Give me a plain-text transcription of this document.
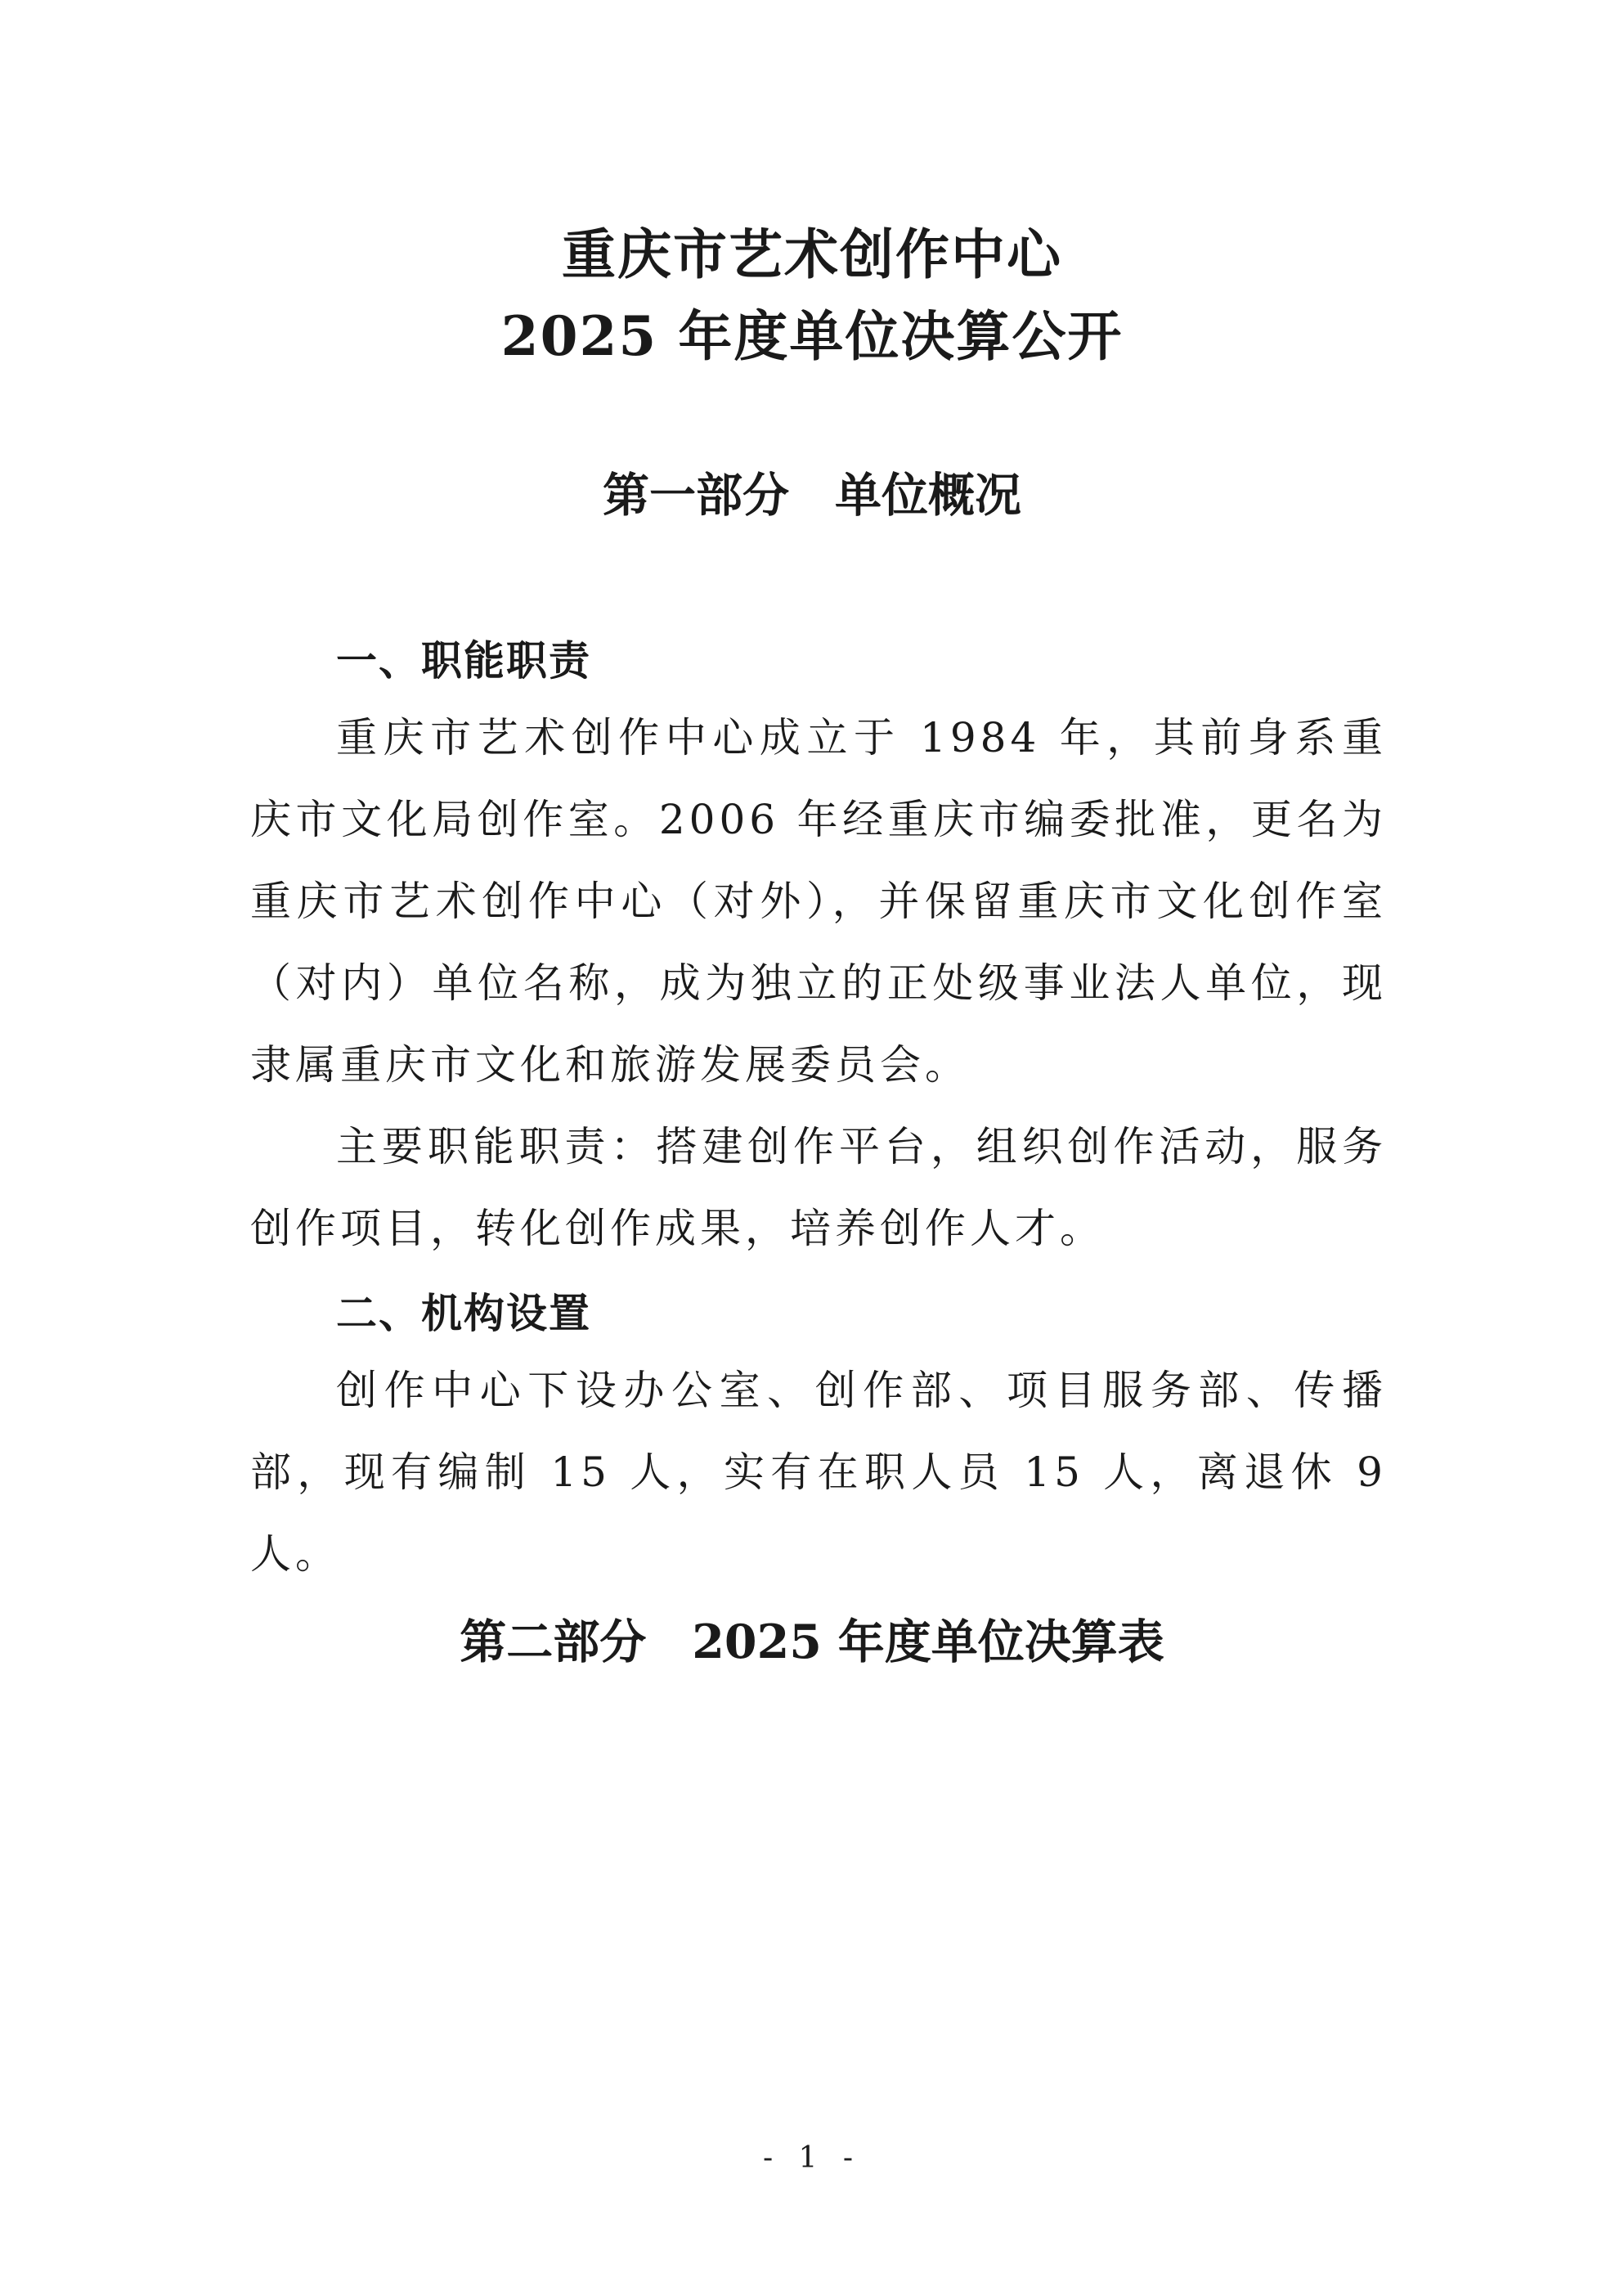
重庆市艺术创作中心
2025 年度单位决算公开
第一部分 单位概况
一、职能职责

重庆市艺术创作中心成立于 1984 年，其前身系重庆市文化局创作室。2006 年经重庆市编委批准，更名为重庆市艺术创作中心（对外），并保留重庆市文化创作室（对内）单位名称，成为独立的正处级事业法人单位，现隶属重庆市文化和旅游发展委员会。

主要职能职责：搭建创作平台，组织创作活动，服务创作项目，转化创作成果，培养创作人才。

二、机构设置

创作中心下设办公室、创作部、项目服务部、传播部，现有编制 15 人，实有在职人员 15 人，离退休 9 人。

第二部分 2025 年度单位决算表
- 1 -
